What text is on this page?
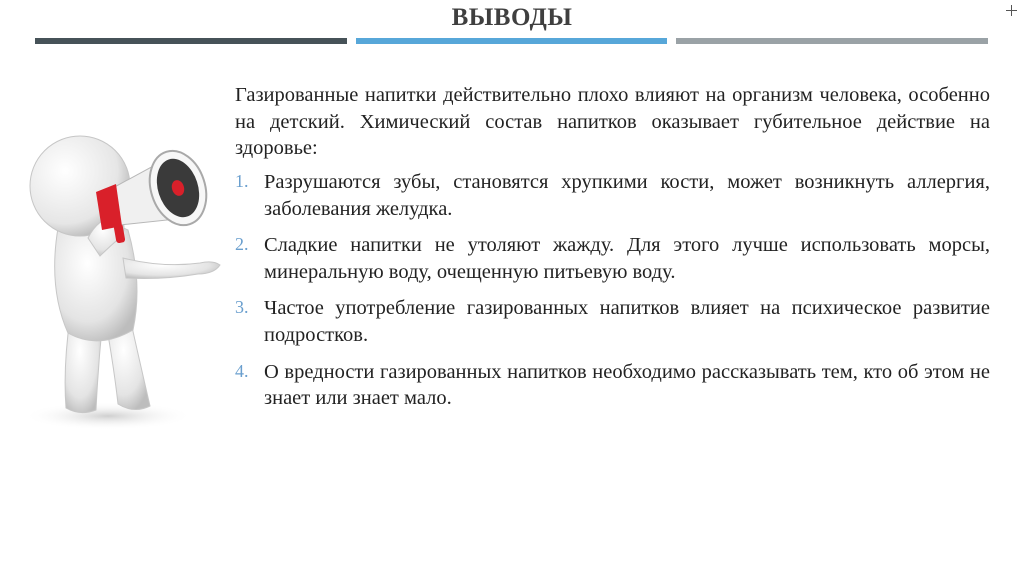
ВЫВОДЫ

Газированные напитки действительно плохо влияют на организм человека, особенно на детский. Химический состав напитков оказывает губительное действие на здоровье:

1. Разрушаются зубы, становятся хрупкими кости, может возникнуть аллергия, заболевания желудка.
2. Сладкие напитки не утоляют жажду. Для этого лучше использовать морсы, минеральную воду, очещенную питьевую воду.
3. Частое употребление газированных напитков влияет на психическое развитие подростков.
4. О вредности газированных напитков необходимо рассказывать тем, кто об этом не знает или знает мало.
